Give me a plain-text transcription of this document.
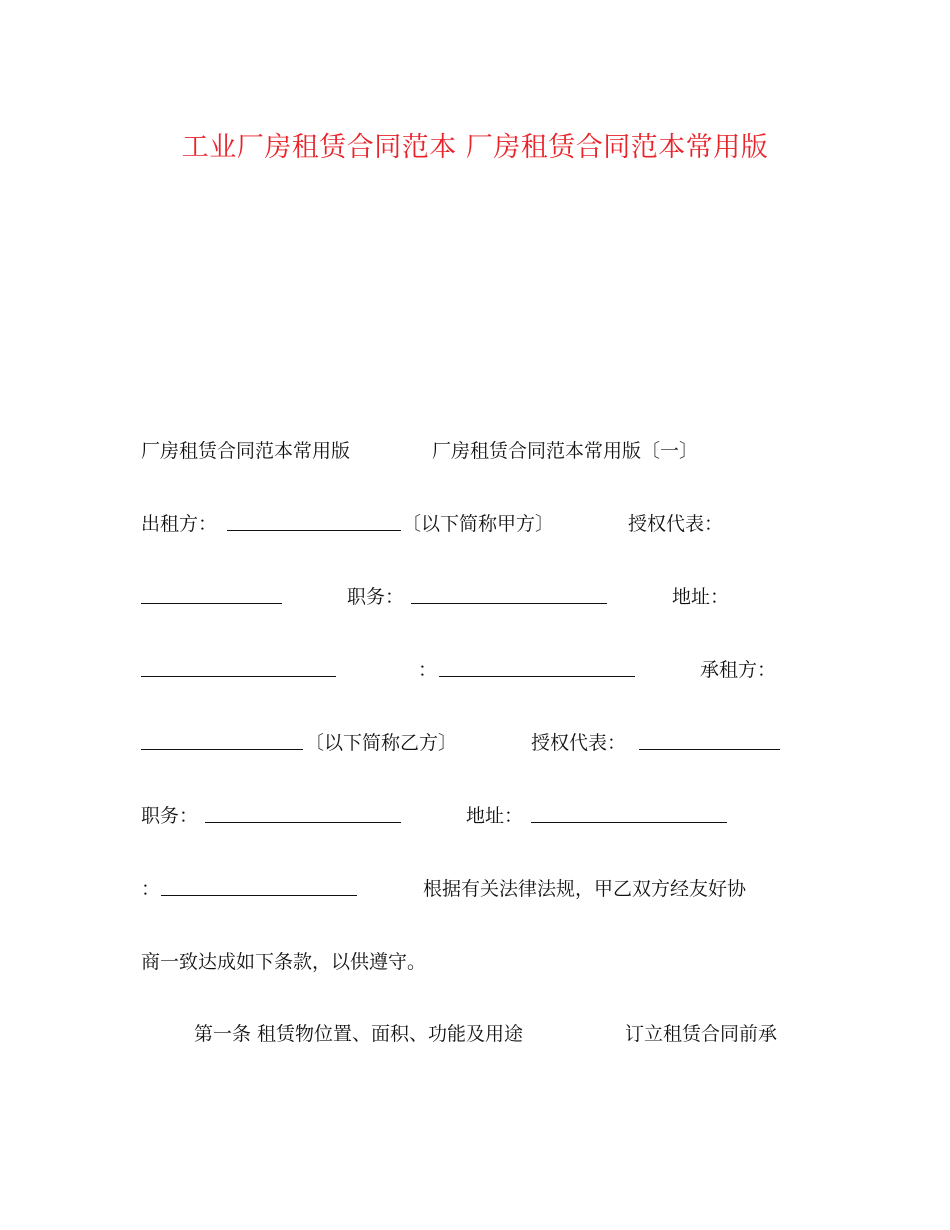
工业厂房租赁合同范本 厂房租赁合同范本常用版
厂房租赁合同范本常用版	厂房租赁合同范本常用版〔一〕
出租方：	〔以下简称甲方〕	授权代表：
职务：	地址：
：	承租方：
〔以下简称乙方〕	授权代表：
职务：	地址：
：	根据有关法律法规，甲乙双方经友好协
商一致达成如下条款，以供遵守。
第一条 租赁物位置、面积、功能及用途	订立租赁合同前承
